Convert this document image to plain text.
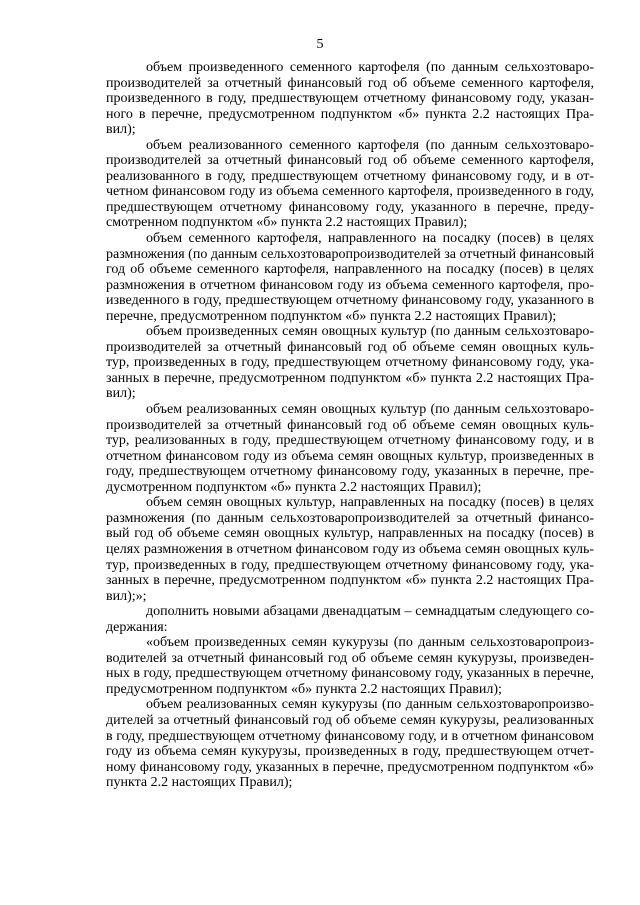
5
объем произведенного семенного картофеля (по данным сельхозтоваро-
производителей за отчетный финансовый год об объеме семенного картофеля,
произведенного в году, предшествующем отчетному финансовому году, указан-
ного в перечне, предусмотренном подпунктом «б» пункта 2.2 настоящих Пра-
вил);
объем реализованного семенного картофеля (по данным сельхозтоваро-
производителей за отчетный финансовый год об объеме семенного картофеля,
реализованного в году, предшествующем отчетному финансовому году, и в от-
четном финансовом году из объема семенного картофеля, произведенного в году,
предшествующем отчетному финансовому году, указанного в перечне, преду-
смотренном подпунктом «б» пункта 2.2 настоящих Правил);
объем семенного картофеля, направленного на посадку (посев) в целях
размножения (по данным сельхозтоваропроизводителей за отчетный финансовый
год об объеме семенного картофеля, направленного на посадку (посев) в целях
размножения в отчетном финансовом году из объема семенного картофеля, про-
изведенного в году, предшествующем отчетному финансовому году, указанного в
перечне, предусмотренном подпунктом «б» пункта 2.2 настоящих Правил);
объем произведенных семян овощных культур (по данным сельхозтоваро-
производителей за отчетный финансовый год об объеме семян овощных куль-
тур, произведенных в году, предшествующем отчетному финансовому году, ука-
занных в перечне, предусмотренном подпунктом «б» пункта 2.2 настоящих Пра-
вил);
объем реализованных семян овощных культур (по данным сельхозтоваро-
производителей за отчетный финансовый год об объеме семян овощных куль-
тур, реализованных в году, предшествующем отчетному финансовому году, и в
отчетном финансовом году из объема семян овощных культур, произведенных в
году, предшествующем отчетному финансовому году, указанных в перечне, пре-
дусмотренном подпунктом «б» пункта 2.2 настоящих Правил);
объем семян овощных культур, направленных на посадку (посев) в целях
размножения (по данным сельхозтоваропроизводителей за отчетный финансо-
вый год об объеме семян овощных культур, направленных на посадку (посев) в
целях размножения в отчетном финансовом году из объема семян овощных куль-
тур, произведенных в году, предшествующем отчетному финансовому году, ука-
занных в перечне, предусмотренном подпунктом «б» пункта 2.2 настоящих Пра-
вил);»;
дополнить новыми абзацами двенадцатым – семнадцатым следующего со-
держания:
«объем произведенных семян кукурузы (по данным сельхозтоваропроиз-
водителей за отчетный финансовый год об объеме семян кукурузы, произведен-
ных в году, предшествующем отчетному финансовому году, указанных в перечне,
предусмотренном подпунктом «б» пункта 2.2 настоящих Правил);
объем реализованных семян кукурузы (по данным сельхозтоваропроизво-
дителей за отчетный финансовый год об объеме семян кукурузы, реализованных
в году, предшествующем отчетному финансовому году, и в отчетном финансовом
году из объема семян кукурузы, произведенных в году, предшествующем отчет-
ному финансовому году, указанных в перечне, предусмотренном подпунктом «б»
пункта 2.2 настоящих Правил);
